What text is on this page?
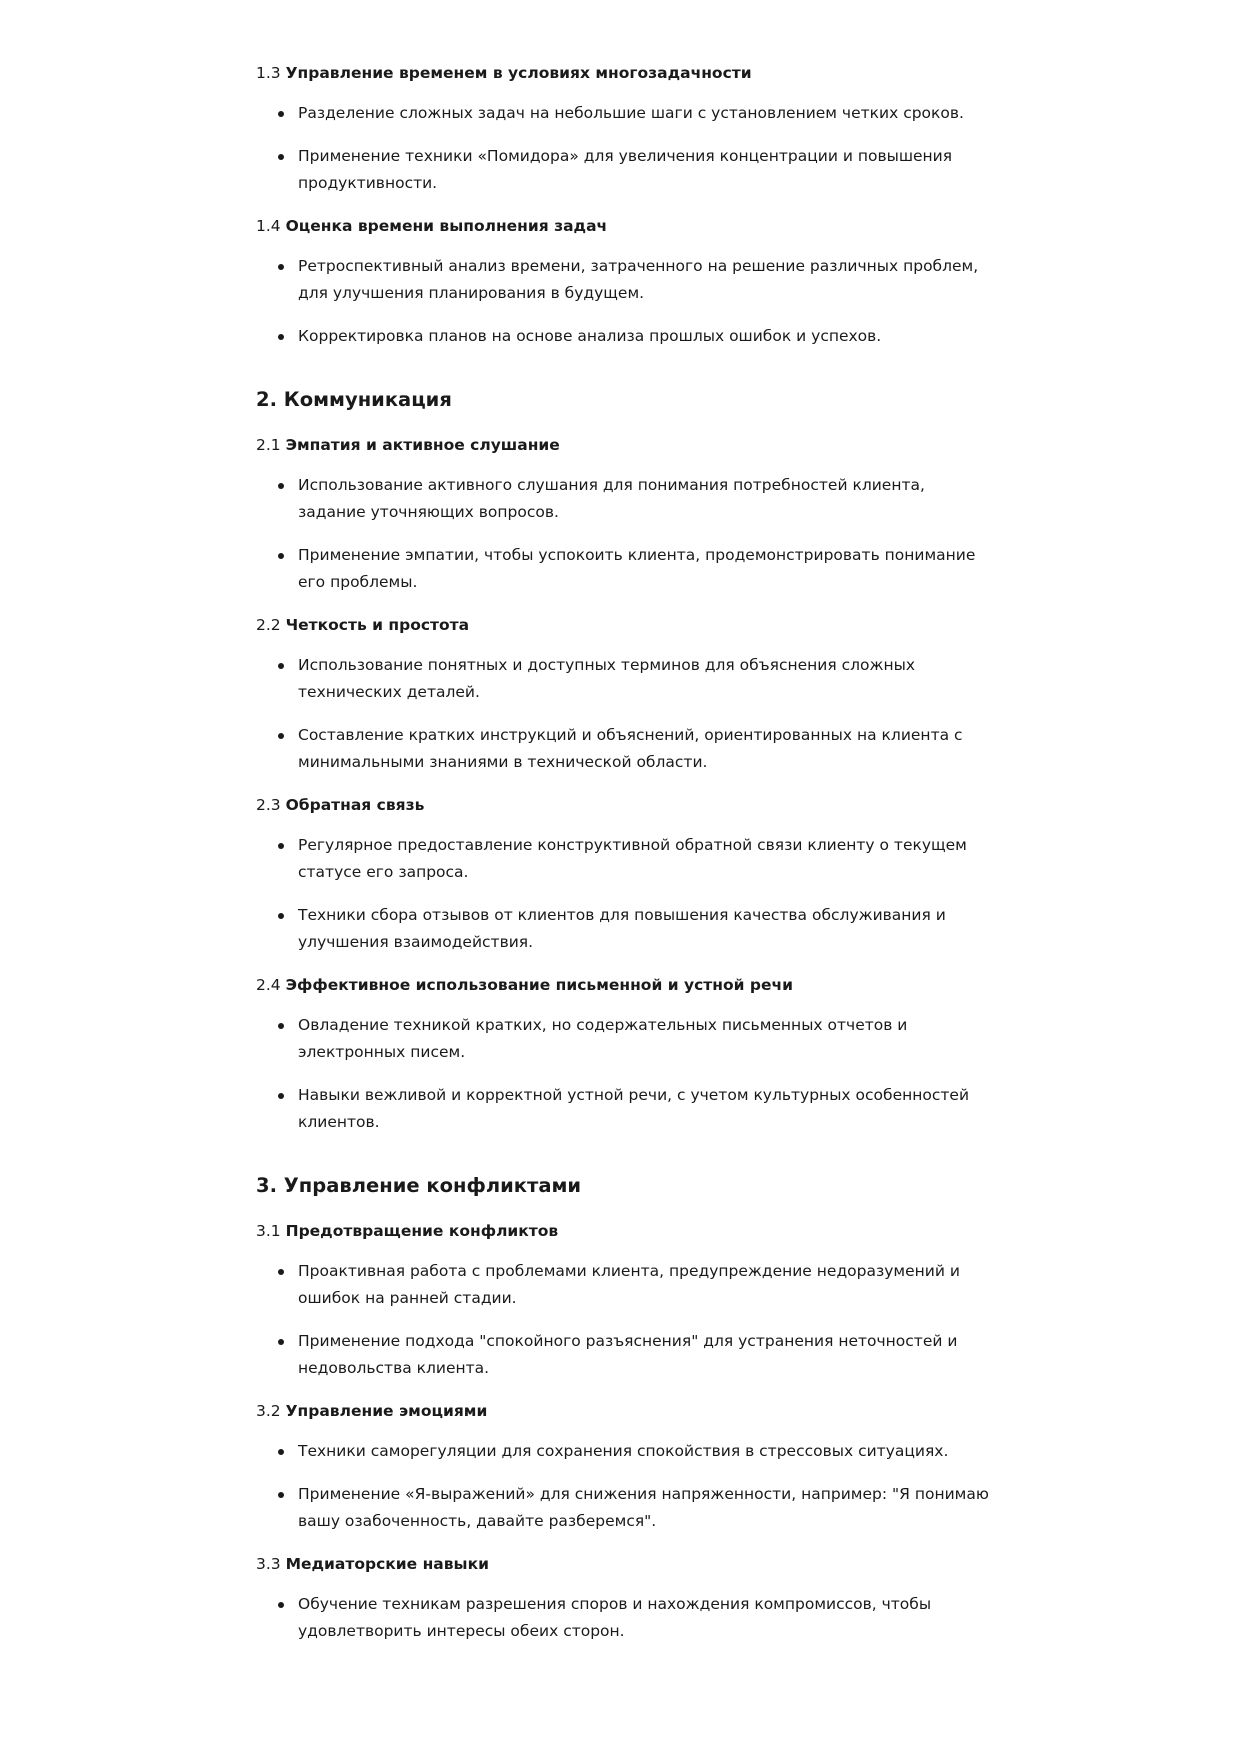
1.3 Управление временем в условиях многозадачности
Разделение сложных задач на небольшие шаги с установлением четких сроков.
Применение техники «Помидора» для увеличения концентрации и повышения продуктивности.
1.4 Оценка времени выполнения задач
Ретроспективный анализ времени, затраченного на решение различных проблем, для улучшения планирования в будущем.
Корректировка планов на основе анализа прошлых ошибок и успехов.
2. Коммуникация
2.1 Эмпатия и активное слушание
Использование активного слушания для понимания потребностей клиента, задание уточняющих вопросов.
Применение эмпатии, чтобы успокоить клиента, продемонстрировать понимание его проблемы.
2.2 Четкость и простота
Использование понятных и доступных терминов для объяснения сложных технических деталей.
Составление кратких инструкций и объяснений, ориентированных на клиента с минимальными знаниями в технической области.
2.3 Обратная связь
Регулярное предоставление конструктивной обратной связи клиенту о текущем статусе его запроса.
Техники сбора отзывов от клиентов для повышения качества обслуживания и улучшения взаимодействия.
2.4 Эффективное использование письменной и устной речи
Овладение техникой кратких, но содержательных письменных отчетов и электронных писем.
Навыки вежливой и корректной устной речи, с учетом культурных особенностей клиентов.
3. Управление конфликтами
3.1 Предотвращение конфликтов
Проактивная работа с проблемами клиента, предупреждение недоразумений и ошибок на ранней стадии.
Применение подхода "спокойного разъяснения" для устранения неточностей и недовольства клиента.
3.2 Управление эмоциями
Техники саморегуляции для сохранения спокойствия в стрессовых ситуациях.
Применение «Я-выражений» для снижения напряженности, например: "Я понимаю вашу озабоченность, давайте разберемся".
3.3 Медиаторские навыки
Обучение техникам разрешения споров и нахождения компромиссов, чтобы удовлетворить интересы обеих сторон.
